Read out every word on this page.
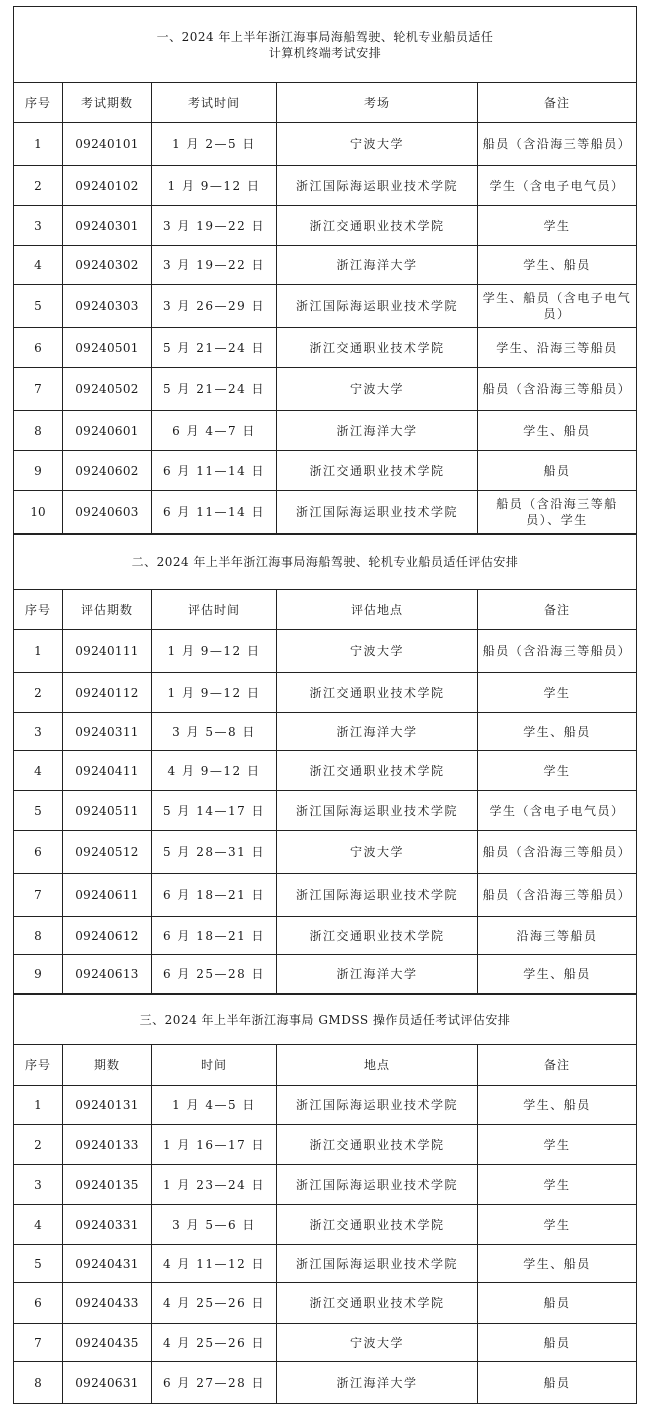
一、2024 年上半年浙江海事局海船驾驶、轮机专业船员适任
计算机终端考试安排				

序号	考试期数	考试时间	考场	备注
1	09240101	1 月 2—5 日	宁波大学	船员（含沿海三等船员）
2	09240102	1 月 9—12 日	浙江国际海运职业技术学院	学生（含电子电气员）
3	09240301	3 月 19—22 日	浙江交通职业技术学院	学生
4	09240302	3 月 19—22 日	浙江海洋大学	学生、船员
5	09240303	3 月 26—29 日	浙江国际海运职业技术学院	学生、船员（含电子电气员）
6	09240501	5 月 21—24 日	浙江交通职业技术学院	学生、沿海三等船员
7	09240502	5 月 21—24 日	宁波大学	船员（含沿海三等船员）
8	09240601	6 月 4—7 日	浙江海洋大学	学生、船员
9	09240602	6 月 11—14 日	浙江交通职业技术学院	船员
10	09240603	6 月 11—14 日	浙江国际海运职业技术学院	船员（含沿海三等船员）、学生
二、2024 年上半年浙江海事局海船驾驶、轮机专业船员适任评估安排				

序号	评估期数	评估时间	评估地点	备注
1	09240111	1 月 9—12 日	宁波大学	船员（含沿海三等船员）
2	09240112	1 月 9—12 日	浙江交通职业技术学院	学生
3	09240311	3 月 5—8 日	浙江海洋大学	学生、船员
4	09240411	4 月 9—12 日	浙江交通职业技术学院	学生
5	09240511	5 月 14—17 日	浙江国际海运职业技术学院	学生（含电子电气员）
6	09240512	5 月 28—31 日	宁波大学	船员（含沿海三等船员）
7	09240611	6 月 18—21 日	浙江国际海运职业技术学院	船员（含沿海三等船员）
8	09240612	6 月 18—21 日	浙江交通职业技术学院	沿海三等船员
9	09240613	6 月 25—28 日	浙江海洋大学	学生、船员
三、2024 年上半年浙江海事局 GMDSS 操作员适任考试评估安排				

序号	期数	时间	地点	备注
1	09240131	1 月 4—5 日	浙江国际海运职业技术学院	学生、船员
2	09240133	1 月 16—17 日	浙江交通职业技术学院	学生
3	09240135	1 月 23—24 日	浙江国际海运职业技术学院	学生
4	09240331	3 月 5—6 日	浙江交通职业技术学院	学生
5	09240431	4 月 11—12 日	浙江国际海运职业技术学院	学生、船员
6	09240433	4 月 25—26 日	浙江交通职业技术学院	船员
7	09240435	4 月 25—26 日	宁波大学	船员
8	09240631	6 月 27—28 日	浙江海洋大学	船员
